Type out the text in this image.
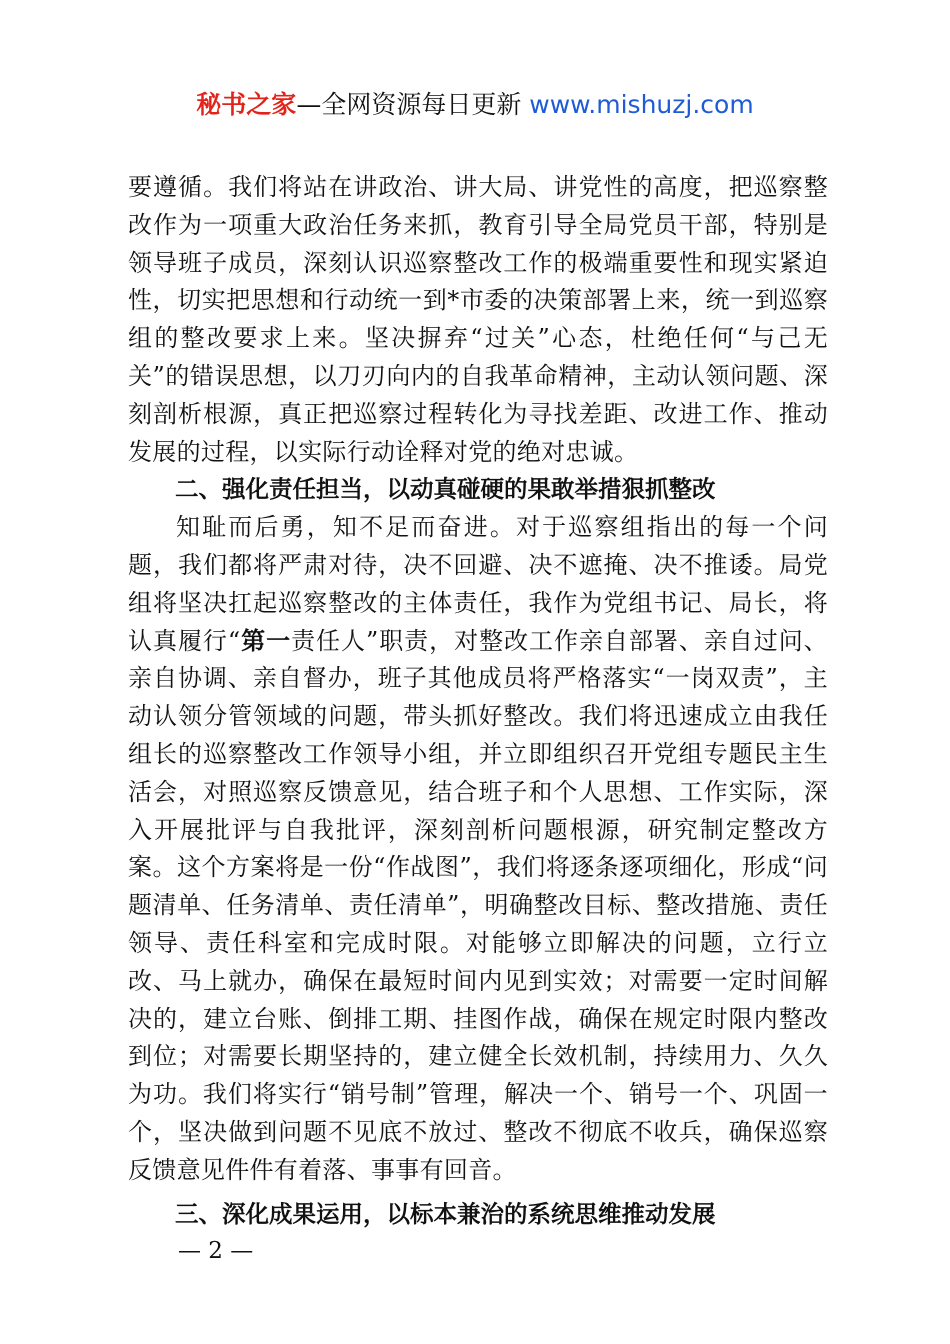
秘书之家—全网资源每日更新 www.mishuzj.com

要遵循。我们将站在讲政治、讲大局、讲党性的高度，把巡察整改作为一项重大政治任务来抓，教育引导全局党员干部，特别是领导班子成员，深刻认识巡察整改工作的极端重要性和现实紧迫性，切实把思想和行动统一到*市委的决策部署上来，统一到巡察组的整改要求上来。坚决摒弃“过关”心态，杜绝任何“与己无关”的错误思想，以刀刃向内的自我革命精神，主动认领问题、深刻剖析根源，真正把巡察过程转化为寻找差距、改进工作、推动发展的过程，以实际行动诠释对党的绝对忠诚。

二、强化责任担当，以动真碰硬的果敢举措狠抓整改

知耻而后勇，知不足而奋进。对于巡察组指出的每一个问题，我们都将严肃对待，决不回避、决不遮掩、决不推诿。局党组将坚决扛起巡察整改的主体责任，我作为党组书记、局长，将认真履行“第一责任人”职责，对整改工作亲自部署、亲自过问、亲自协调、亲自督办，班子其他成员将严格落实“一岗双责”，主动认领分管领域的问题，带头抓好整改。我们将迅速成立由我任组长的巡察整改工作领导小组，并立即组织召开党组专题民主生活会，对照巡察反馈意见，结合班子和个人思想、工作实际，深入开展批评与自我批评，深刻剖析问题根源，研究制定整改方案。这个方案将是一份“作战图”，我们将逐条逐项细化，形成“问题清单、任务清单、责任清单”，明确整改目标、整改措施、责任领导、责任科室和完成时限。对能够立即解决的问题，立行立改、马上就办，确保在最短时间内见到实效；对需要一定时间解决的，建立台账、倒排工期、挂图作战，确保在规定时限内整改到位；对需要长期坚持的，建立健全长效机制，持续用力、久久为功。我们将实行“销号制”管理，解决一个、销号一个、巩固一个，坚决做到问题不见底不放过、整改不彻底不收兵，确保巡察反馈意见件件有着落、事事有回音。

三、深化成果运用，以标本兼治的系统思维推动发展

— 2 —
